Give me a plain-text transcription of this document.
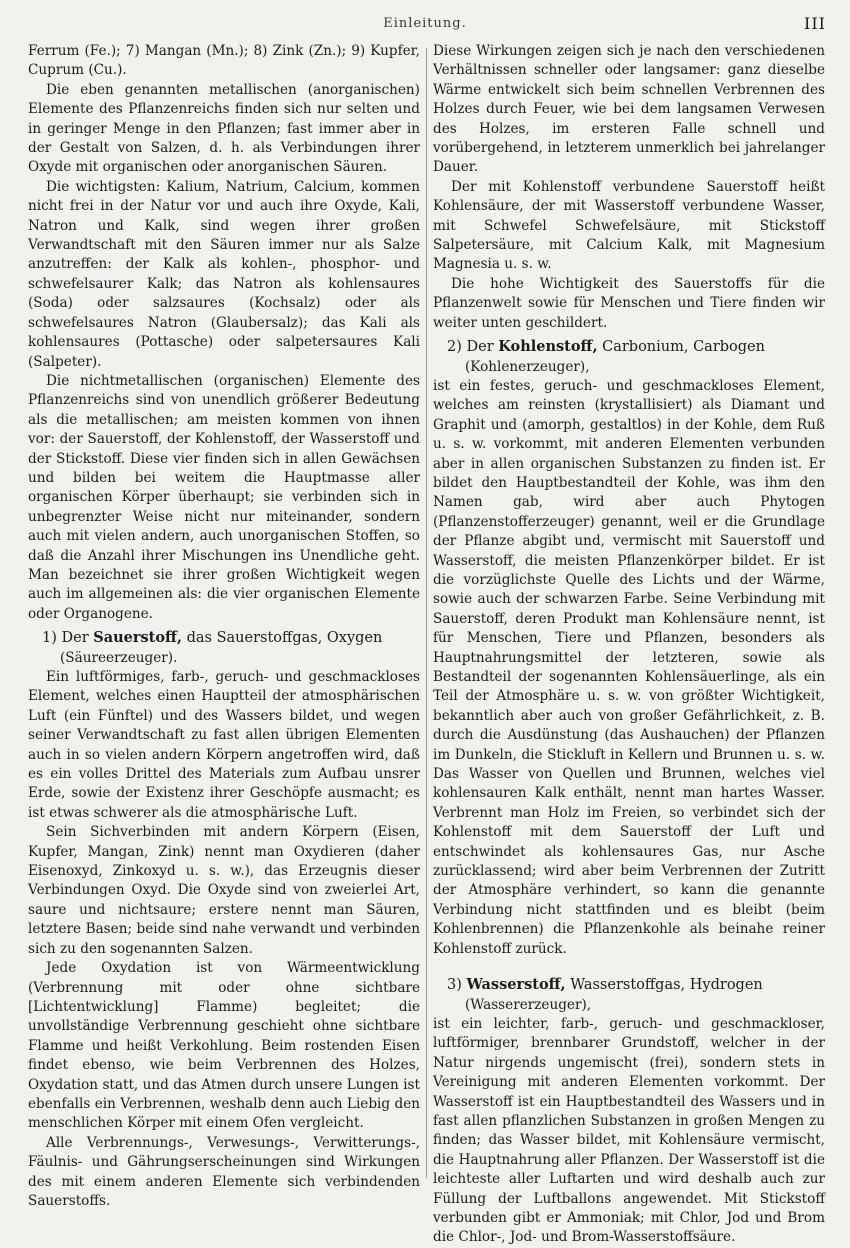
Einleitung.	III

Ferrum (Fe.); 7) Mangan (Mn.); 8) Zink (Zn.); 9) Kupfer, Cuprum (Cu.).

Die eben genannten metallischen (anorganischen) Elemente des Pflanzenreichs finden sich nur selten und in geringer Menge in den Pflanzen; fast immer aber in der Gestalt von Salzen, d. h. als Verbindungen ihrer Oxyde mit organischen oder anorganischen Säuren.

Die wichtigsten: Kalium, Natrium, Calcium, kommen nicht frei in der Natur vor und auch ihre Oxyde, Kali, Natron und Kalk, sind wegen ihrer großen Verwandtschaft mit den Säuren immer nur als Salze anzutreffen: der Kalk als kohlen-, phosphor- und schwefelsaurer Kalk; das Natron als kohlensaures (Soda) oder salzsaures (Kochsalz) oder als schwefelsaures Natron (Glaubersalz); das Kali als kohlensaures (Pottasche) oder salpetersaures Kali (Salpeter).

Die nichtmetallischen (organischen) Elemente des Pflanzenreichs sind von unendlich größerer Bedeutung als die metallischen; am meisten kommen von ihnen vor: der Sauerstoff, der Kohlenstoff, der Wasserstoff und der Stickstoff. Diese vier finden sich in allen Gewächsen und bilden bei weitem die Hauptmasse aller organischen Körper überhaupt; sie verbinden sich in unbegrenzter Weise nicht nur miteinander, sondern auch mit vielen andern, auch unorganischen Stoffen, so daß die Anzahl ihrer Mischungen ins Unendliche geht. Man bezeichnet sie ihrer großen Wichtigkeit wegen auch im allgemeinen als: die vier organischen Elemente oder Organogene.

1) Der Sauerstoff, das Sauerstoffgas, Oxygen

(Säureerzeuger).

Ein luftförmiges, farb-, geruch- und geschmackloses Element, welches einen Hauptteil der atmosphärischen Luft (ein Fünftel) und des Wassers bildet, und wegen seiner Verwandtschaft zu fast allen übrigen Elementen auch in so vielen andern Körpern angetroffen wird, daß es ein volles Drittel des Materials zum Aufbau unsrer Erde, sowie der Existenz ihrer Geschöpfe ausmacht; es ist etwas schwerer als die atmosphärische Luft.

Sein Sichverbinden mit andern Körpern (Eisen, Kupfer, Mangan, Zink) nennt man Oxydieren (daher Eisenoxyd, Zinkoxyd u. s. w.), das Erzeugnis dieser Verbindungen Oxyd. Die Oxyde sind von zweierlei Art, saure und nichtsaure; erstere nennt man Säuren, letztere Basen; beide sind nahe verwandt und verbinden sich zu den sogenannten Salzen.

Jede Oxydation ist von Wärmeentwicklung (Verbrennung mit oder ohne sichtbare [Lichtentwicklung] Flamme) begleitet; die unvollständige Verbrennung geschieht ohne sichtbare Flamme und heißt Verkohlung. Beim rostenden Eisen findet ebenso, wie beim Verbrennen des Holzes, Oxydation statt, und das Atmen durch unsere Lungen ist ebenfalls ein Verbrennen, weshalb denn auch Liebig den menschlichen Körper mit einem Ofen vergleicht.

Alle Verbrennungs-, Verwesungs-, Verwitterungs-, Fäulnis- und Gährungserscheinungen sind Wirkungen des mit einem anderen Elemente sich verbindenden Sauerstoffs.

Diese Wirkungen zeigen sich je nach den verschiedenen Verhältnissen schneller oder langsamer: ganz dieselbe Wärme entwickelt sich beim schnellen Verbrennen des Holzes durch Feuer, wie bei dem langsamen Verwesen des Holzes, im ersteren Falle schnell und vorübergehend, in letzterem unmerklich bei jahrelanger Dauer.

Der mit Kohlenstoff verbundene Sauerstoff heißt Kohlensäure, der mit Wasserstoff verbundene Wasser, mit Schwefel Schwefelsäure, mit Stickstoff Salpetersäure, mit Calcium Kalk, mit Magnesium Magnesia u. s. w.

Die hohe Wichtigkeit des Sauerstoffs für die Pflanzenwelt sowie für Menschen und Tiere finden wir weiter unten geschildert.

2) Der Kohlenstoff, Carbonium, Carbogen

(Kohlenerzeuger),

ist ein festes, geruch- und geschmackloses Element, welches am reinsten (krystallisiert) als Diamant und Graphit und (amorph, gestaltlos) in der Kohle, dem Ruß u. s. w. vorkommt, mit anderen Elementen verbunden aber in allen organischen Substanzen zu finden ist. Er bildet den Hauptbestandteil der Kohle, was ihm den Namen gab, wird aber auch Phytogen (Pflanzenstofferzeuger) genannt, weil er die Grundlage der Pflanze abgibt und, vermischt mit Sauerstoff und Wasserstoff, die meisten Pflanzenkörper bildet. Er ist die vorzüglichste Quelle des Lichts und der Wärme, sowie auch der schwarzen Farbe. Seine Verbindung mit Sauerstoff, deren Produkt man Kohlensäure nennt, ist für Menschen, Tiere und Pflanzen, besonders als Hauptnahrungsmittel der letzteren, sowie als Bestandteil der sogenannten Kohlensäuerlinge, als ein Teil der Atmosphäre u. s. w. von größter Wichtigkeit, bekanntlich aber auch von großer Gefährlichkeit, z. B. durch die Ausdünstung (das Aushauchen) der Pflanzen im Dunkeln, die Stickluft in Kellern und Brunnen u. s. w. Das Wasser von Quellen und Brunnen, welches viel kohlensauren Kalk enthält, nennt man hartes Wasser. Verbrennt man Holz im Freien, so verbindet sich der Kohlenstoff mit dem Sauerstoff der Luft und entschwindet als kohlensaures Gas, nur Asche zurücklassend; wird aber beim Verbrennen der Zutritt der Atmosphäre verhindert, so kann die genannte Verbindung nicht stattfinden und es bleibt (beim Kohlenbrennen) die Pflanzenkohle als beinahe reiner Kohlenstoff zurück.

3) Wasserstoff, Wasserstoffgas, Hydrogen

(Wassererzeuger),

ist ein leichter, farb-, geruch- und geschmackloser, luftförmiger, brennbarer Grundstoff, welcher in der Natur nirgends ungemischt (frei), sondern stets in Vereinigung mit anderen Elementen vorkommt. Der Wasserstoff ist ein Hauptbestandteil des Wassers und in fast allen pflanzlichen Substanzen in großen Mengen zu finden; das Wasser bildet, mit Kohlensäure vermischt, die Hauptnahrung aller Pflanzen. Der Wasserstoff ist die leichteste aller Luftarten und wird deshalb auch zur Füllung der Luftballons angewendet. Mit Stickstoff verbunden gibt er Ammoniak; mit Chlor, Jod und Brom die Chlor-, Jod- und Brom-Wasserstoffsäure.
